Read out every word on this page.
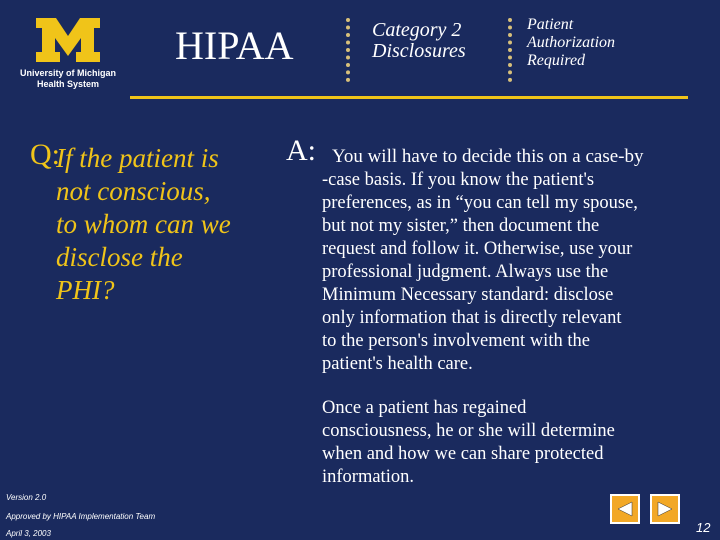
University of Michigan
Health System
HIPAA	Category 2
Disclosures
Patient
Authorization
Required
Q:
If the patient is
not conscious,
to whom can we
disclose the
PHI?
A: You will have to decide this on a case-by
-case basis. If you know the patient's
preferences, as in “you can tell my spouse,
but not my sister,” then document the
request and follow it. Otherwise, use your
professional judgment. Always use the
Minimum Necessary standard: disclose
only information that is directly relevant
to the person's involvement with the
patient's health care.
Once a patient has regained
consciousness, he or she will determine
when and how we can share protected
information.
Version 2.0
Approved by HIPAA Implementation Team
April 3, 2003	12
